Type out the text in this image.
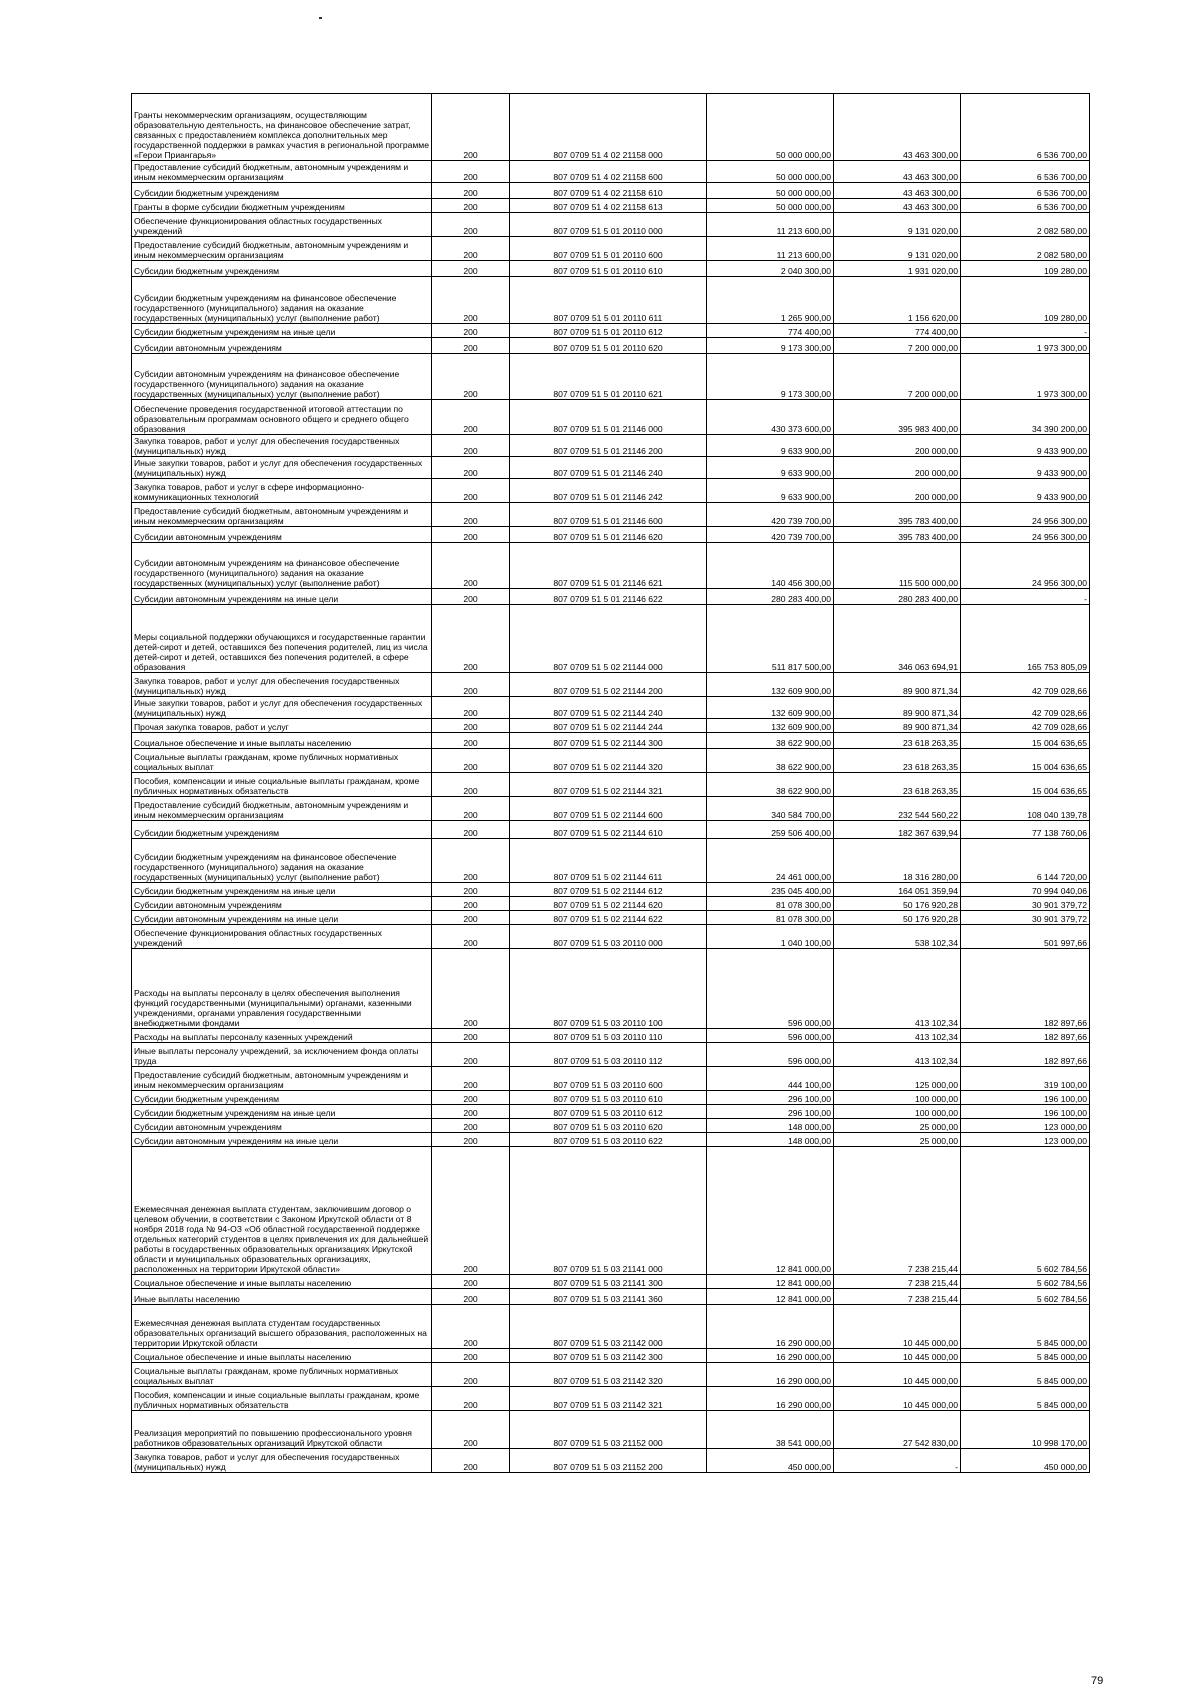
Гранты некоммерческим организациям, осуществляющим образовательную деятельность, на финансовое обеспечение затрат, связанных с предоставлением комплекса дополнительных мер государственной поддержки в рамках участия в региональной программе «Герои Приангарья»	200	807 0709 51 4 02 21158 000	50 000 000,00	43 463 300,00	6 536 700,00
Предоставление субсидий бюджетным, автономным учреждениям и иным некоммерческим организациям	200	807 0709 51 4 02 21158 600	50 000 000,00	43 463 300,00	6 536 700,00
Субсидии бюджетным учреждениям	200	807 0709 51 4 02 21158 610	50 000 000,00	43 463 300,00	6 536 700,00
Гранты в форме субсидии бюджетным учреждениям	200	807 0709 51 4 02 21158 613	50 000 000,00	43 463 300,00	6 536 700,00
Обеспечение функционирования областных государственных учреждений	200	807 0709 51 5 01 20110 000	11 213 600,00	9 131 020,00	2 082 580,00
Предоставление субсидий бюджетным, автономным учреждениям и иным некоммерческим организациям	200	807 0709 51 5 01 20110 600	11 213 600,00	9 131 020,00	2 082 580,00
Субсидии бюджетным учреждениям	200	807 0709 51 5 01 20110 610	2 040 300,00	1 931 020,00	109 280,00
Субсидии бюджетным учреждениям на финансовое обеспечение государственного (муниципального) задания на оказание государственных (муниципальных) услуг (выполнение работ)	200	807 0709 51 5 01 20110 611	1 265 900,00	1 156 620,00	109 280,00
Субсидии бюджетным учреждениям на иные цели	200	807 0709 51 5 01 20110 612	774 400,00	774 400,00	-
Субсидии автономным учреждениям	200	807 0709 51 5 01 20110 620	9 173 300,00	7 200 000,00	1 973 300,00
Субсидии автономным учреждениям на финансовое обеспечение государственного (муниципального) задания на оказание государственных (муниципальных) услуг (выполнение работ)	200	807 0709 51 5 01 20110 621	9 173 300,00	7 200 000,00	1 973 300,00
Обеспечение проведения государственной итоговой аттестации по образовательным программам основного общего и среднего общего образования	200	807 0709 51 5 01 21146 000	430 373 600,00	395 983 400,00	34 390 200,00
Закупка товаров, работ и услуг для обеспечения государственных (муниципальных) нужд	200	807 0709 51 5 01 21146 200	9 633 900,00	200 000,00	9 433 900,00
Иные закупки товаров, работ и услуг для обеспечения государственных (муниципальных) нужд	200	807 0709 51 5 01 21146 240	9 633 900,00	200 000,00	9 433 900,00
Закупка товаров, работ и услуг в сфере информационно-коммуникационных технологий	200	807 0709 51 5 01 21146 242	9 633 900,00	200 000,00	9 433 900,00
Предоставление субсидий бюджетным, автономным учреждениям и иным некоммерческим организациям	200	807 0709 51 5 01 21146 600	420 739 700,00	395 783 400,00	24 956 300,00
Субсидии автономным учреждениям	200	807 0709 51 5 01 21146 620	420 739 700,00	395 783 400,00	24 956 300,00
Субсидии автономным учреждениям на финансовое обеспечение государственного (муниципального) задания на оказание государственных (муниципальных) услуг (выполнение работ)	200	807 0709 51 5 01 21146 621	140 456 300,00	115 500 000,00	24 956 300,00
Субсидии автономным учреждениям на иные цели	200	807 0709 51 5 01 21146 622	280 283 400,00	280 283 400,00	-
Меры социальной поддержки обучающихся и государственные гарантии детей-сирот и детей, оставшихся без попечения родителей, лиц из числа детей-сирот и детей, оставшихся без попечения родителей, в сфере образования	200	807 0709 51 5 02 21144 000	511 817 500,00	346 063 694,91	165 753 805,09
Закупка товаров, работ и услуг для обеспечения государственных (муниципальных) нужд	200	807 0709 51 5 02 21144 200	132 609 900,00	89 900 871,34	42 709 028,66
Иные закупки товаров, работ и услуг для обеспечения государственных (муниципальных) нужд	200	807 0709 51 5 02 21144 240	132 609 900,00	89 900 871,34	42 709 028,66
Прочая закупка товаров, работ и услуг	200	807 0709 51 5 02 21144 244	132 609 900,00	89 900 871,34	42 709 028,66
Социальное обеспечение и иные выплаты населению	200	807 0709 51 5 02 21144 300	38 622 900,00	23 618 263,35	15 004 636,65
Социальные выплаты гражданам, кроме публичных нормативных социальных выплат	200	807 0709 51 5 02 21144 320	38 622 900,00	23 618 263,35	15 004 636,65
Пособия, компенсации и иные социальные выплаты гражданам, кроме публичных нормативных обязательств	200	807 0709 51 5 02 21144 321	38 622 900,00	23 618 263,35	15 004 636,65
Предоставление субсидий бюджетным, автономным учреждениям и иным некоммерческим организациям	200	807 0709 51 5 02 21144 600	340 584 700,00	232 544 560,22	108 040 139,78
Субсидии бюджетным учреждениям	200	807 0709 51 5 02 21144 610	259 506 400,00	182 367 639,94	77 138 760,06
Субсидии бюджетным учреждениям на финансовое обеспечение государственного (муниципального) задания на оказание государственных (муниципальных) услуг (выполнение работ)	200	807 0709 51 5 02 21144 611	24 461 000,00	18 316 280,00	6 144 720,00
Субсидии бюджетным учреждениям на иные цели	200	807 0709 51 5 02 21144 612	235 045 400,00	164 051 359,94	70 994 040,06
Субсидии автономным учреждениям	200	807 0709 51 5 02 21144 620	81 078 300,00	50 176 920,28	30 901 379,72
Субсидии автономным учреждениям на иные цели	200	807 0709 51 5 02 21144 622	81 078 300,00	50 176 920,28	30 901 379,72
Обеспечение функционирования областных государственных учреждений	200	807 0709 51 5 03 20110 000	1 040 100,00	538 102,34	501 997,66
Расходы на выплаты персоналу в целях обеспечения выполнения функций государственными (муниципальными) органами, казенными учреждениями, органами управления государственными внебюджетными фондами	200	807 0709 51 5 03 20110 100	596 000,00	413 102,34	182 897,66
Расходы на выплаты персоналу казенных учреждений	200	807 0709 51 5 03 20110 110	596 000,00	413 102,34	182 897,66
Иные выплаты персоналу учреждений, за исключением фонда оплаты труда	200	807 0709 51 5 03 20110 112	596 000,00	413 102,34	182 897,66
Предоставление субсидий бюджетным, автономным учреждениям и иным некоммерческим организациям	200	807 0709 51 5 03 20110 600	444 100,00	125 000,00	319 100,00
Субсидии бюджетным учреждениям	200	807 0709 51 5 03 20110 610	296 100,00	100 000,00	196 100,00
Субсидии бюджетным учреждениям на иные цели	200	807 0709 51 5 03 20110 612	296 100,00	100 000,00	196 100,00
Субсидии автономным учреждениям	200	807 0709 51 5 03 20110 620	148 000,00	25 000,00	123 000,00
Субсидии автономным учреждениям на иные цели	200	807 0709 51 5 03 20110 622	148 000,00	25 000,00	123 000,00
Ежемесячная денежная выплата студентам, заключившим договор о целевом обучении, в соответствии с Законом Иркутской области от 8 ноября 2018 года № 94-ОЗ «Об областной государственной поддержке отдельных категорий студентов в целях привлечения их для дальнейшей работы в государственных образовательных организациях Иркутской области и муниципальных образовательных организациях, расположенных на территории Иркутской области»	200	807 0709 51 5 03 21141 000	12 841 000,00	7 238 215,44	5 602 784,56
Социальное обеспечение и иные выплаты населению	200	807 0709 51 5 03 21141 300	12 841 000,00	7 238 215,44	5 602 784,56
Иные выплаты населению	200	807 0709 51 5 03 21141 360	12 841 000,00	7 238 215,44	5 602 784,56
Ежемесячная денежная выплата студентам государственных образовательных организаций высшего образования, расположенных на территории Иркутской области	200	807 0709 51 5 03 21142 000	16 290 000,00	10 445 000,00	5 845 000,00
Социальное обеспечение и иные выплаты населению	200	807 0709 51 5 03 21142 300	16 290 000,00	10 445 000,00	5 845 000,00
Социальные выплаты гражданам, кроме публичных нормативных социальных выплат	200	807 0709 51 5 03 21142 320	16 290 000,00	10 445 000,00	5 845 000,00
Пособия, компенсации и иные социальные выплаты гражданам, кроме публичных нормативных обязательств	200	807 0709 51 5 03 21142 321	16 290 000,00	10 445 000,00	5 845 000,00
Реализация мероприятий по повышению профессионального уровня работников образовательных организаций Иркутской области	200	807 0709 51 5 03 21152 000	38 541 000,00	27 542 830,00	10 998 170,00
Закупка товаров, работ и услуг для обеспечения государственных (муниципальных) нужд	200	807 0709 51 5 03 21152 200	450 000,00	-	450 000,00
79
